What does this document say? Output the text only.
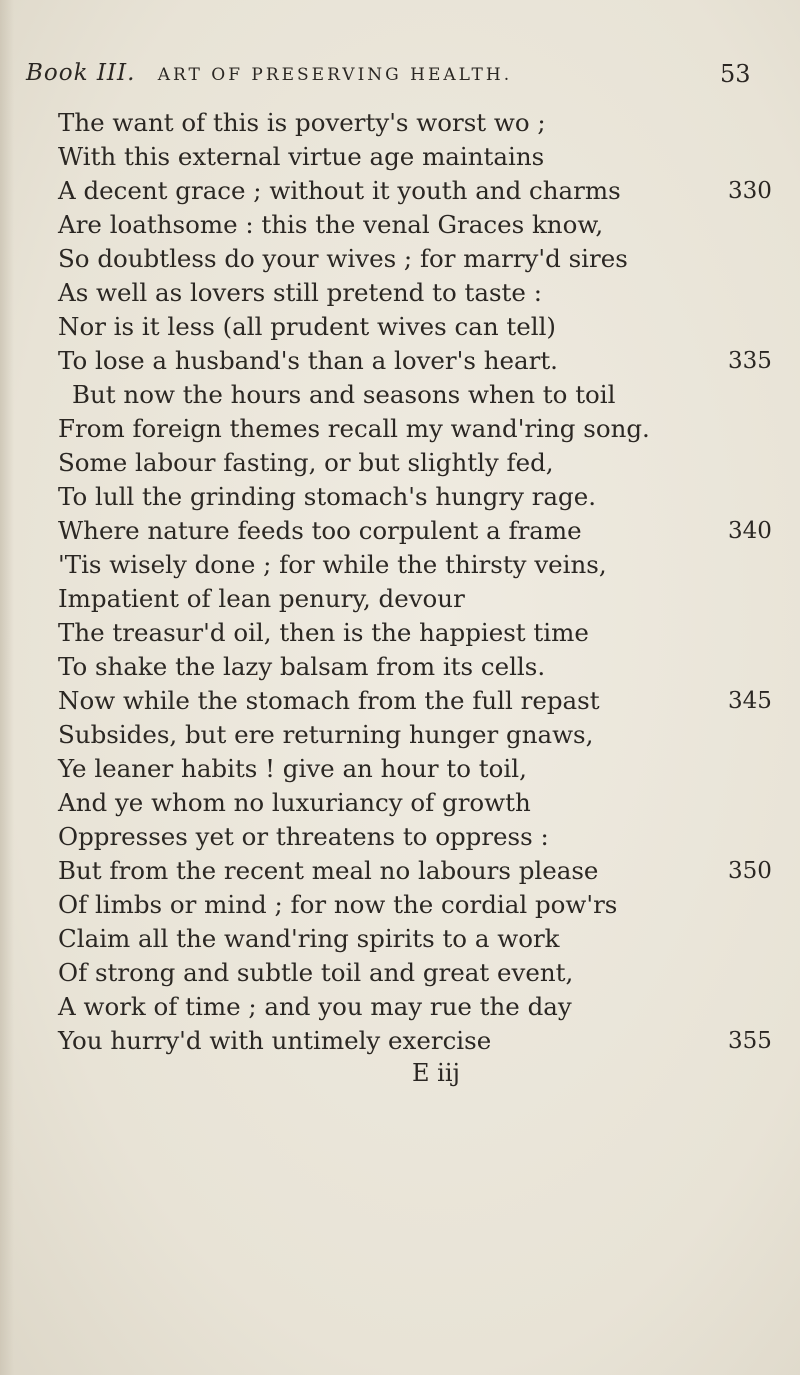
Book III. ART OF PRESERVING HEALTH.	53
The want of this is poverty's worst wo ;
With this external virtue age maintains
A decent grace ; without it youth and charms
Are loathsome : this the venal Graces know,
So doubtless do your wives ; for marry'd sires
As well as lovers still pretend to taste :
Nor is it less (all prudent wives can tell)
To lose a husband's than a lover's heart.
But now the hours and seasons when to toil
From foreign themes recall my wand'ring song.
Some labour fasting, or but slightly fed,
To lull the grinding stomach's hungry rage.
Where nature feeds too corpulent a frame
'Tis wisely done ; for while the thirsty veins,
Impatient of lean penury, devour
The treasur'd oil, then is the happiest time
To shake the lazy balsam from its cells.
Now while the stomach from the full repast
Subsides, but ere returning hunger gnaws,
Ye leaner habits ! give an hour to toil,
And ye whom no luxuriancy of growth
Oppresses yet or threatens to oppress :
But from the recent meal no labours please
Of limbs or mind ; for now the cordial pow'rs
Claim all the wand'ring spirits to a work
Of strong and subtle toil and great event,
A work of time ; and you may rue the day
You hurry'd with untimely exercise
330
335
340
345
350
355
E iij
